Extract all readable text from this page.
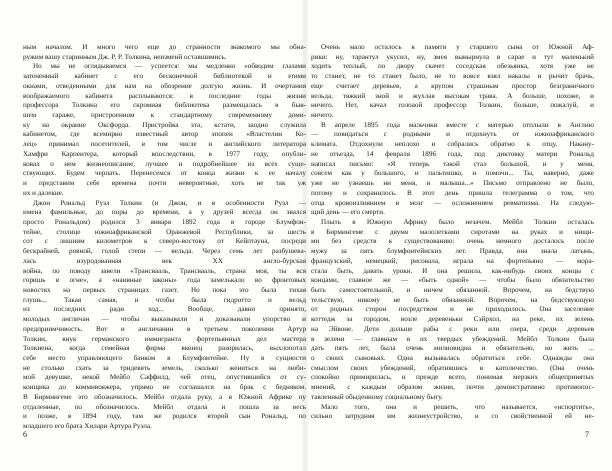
ным началом. И много чего еще до странности знакомого мы обна-
ружим вашу старинным Дж. Р. Р. Толкина, неизменй оставшимись.
Но мы не оглядываемся — успеется: мы медленно «обводим глазами
затененный кабинет с его бесконечной библиотекой и этими
окнами, отведенными для нам на обозрение долгую жизнь. И очертания
воображаемого кабинета расплываются: в последние годы жизни
профессора Толкина его скромная библиотека размещалась в быв-
шем гараже, пристроенном к стандартному современному доми-
ку на окраине Оксфорда. Пристройка эта, кстати, заодно служила
кабинетом, где всемирно известный автор эпопеи «Властелин Ко-
лец» принимал посетителей, в том числе и английского литератора
Хамфри Карпентера, который впоследствии, в 1977 году, опубли-
ковал о нем жизнеописание, лучшее и подробнейшее из всех суще-
ствующих. Будем черпать. Перенесемся от конца жизни к ее началу
и представим себе времена почти невероятные, хоть не так уж
их и далекие.
Джон Рональд Руэл Толкин (и Джон, и в особенности Руэл —
имена фамильные, до поры до времени, а у друзей всегда он звался
просто Рональдом) родился 3 января 1892 года в городе Блумфон-
тейне, столице южноафриканской Оранжевой Республики, за шесть
сот с лишним километров к северо-востоку от Кейптауна, посреди
бескрайней, ровной, голой степи — вельда. Через семь лет разбушева-
лась изуродованная век ХХ англо-бурская
война, по поводу завели «Трансвааль, Трансвааль, страна моя, ты вся
горишь в огне», а «наивные законы» года замелькало во фронтовых
новостях на первых страницах газет. Но пока это была тихая
глушь... Такая самая, и чтобы была гидротто и вельд
из последних ради ход... Вообще, давно принято,
молодых англичан — чтобы выказывали и доказывали упорство и
предприимчивость. Вот и англичанин в третьем поколении Артур
Толкин, внук германского иммигранта фортепьянных дел мастера
Толкиена, когда семейная фирма вконец разорилась, выхлопотал
себе место управляющего банком в Блумфонтейне. Ну в сущности
не столько схать за тридевять земель, сколько жениться на люби-
мой девушке, некой Мейбл Саффилд, чей отец, опустившийся от су-
конщика до коммивояжера, упрямо не соглашался на брак с бедняком.
В Бирмингеме это обозначилось. Мейбл отдала руку, а в Южной Африке пу
отдаленные, по обозначилось. Мейбл отдала и пошла за весь
и позже, в 1894 году, там же родился второй сын Рональд, по
младшего его брата Хилари Артура Руэла.
Очень мало осталось в памяти у старшего сына от Южной Аф-
рики: ну, тарантул укусил, ну, змея вынырнула в сарае и тут маленький
ходить теплый, по двору скачет соседская обезьянка, хотя уже не
то станет, не то станет было, не то вовсе взял накалы и рычит брачь,
еще считает деревьев, а крупом страшным простор безграничного
вельда, тяжкий зной и жухлая высокая трава. А больше, похоже, и
ничего. Нет, качал голоаой профессор Толкин, больше, пожалуй, и
ничего.
В апреле 1895 года мальчики вместе с матерью отплыли в Англию
— повидаться с родными и отдохнуть от южноафриканского
климата. Отдохнули неплохо и собрались обратно к отцу. Накану-
не отъезда, 14 февраля 1896 года, под диктовку матери Рональд
написал письмо: «Я теперь такой стал большой, и у меня,
совсем как у большого, и пальтишко, и помочи... Ты, наверно, даже
уже не узнаешь ни меня, и малыша...» Письмо отправлено не было,
потому и сохранилось. В этот день пришла телеграмма о том, что
отца кровоизлиянием в мозг — осложнением ревматизма. На следую-
щий день — его смерти.
Плыть в Южную Африку было незачем. Мейбл Толкин осталась
в Бирмингеме с двумя малолетками сиротами на руках и нищи-
ми без средств к существованию: очень немного досталось после
мужу за пять блумфонтейнских лет. Правда, она знала латынь,
французский, немецкий, рисовала, играла на фортепьяно — мора-
стала быть, давать уроки. И она решила, как-нибудь своих концы с
концами, главное же — «быть одной» — чтобы было обязательство
быть самостоятельной, и ничем обязанной. Впрочем, на бедствую
тельствую, никому не быть обязанной. Впрочем, на бедствующую
от родных сторон посредством и не приходилось. Она заселение
коттедж за городом, возле деревеньки Сэйрхол, на реке, их зелень
на Эйвоне. Дети дольше рабы с реки или озера, среди деревьев
в зелени — главным в их твердых убеждений. Мейбл Толкин была
дать пять лет, была очень милиовидна и обязательно, но жить ...
о своих сыновьях. Одна вызывалась обратиться себе. Однажды она
смыслом своих убеждений, обратившись в католичество. (Она очень
спокойно примирилась, и прежде всего, понимая мерзких общепринятых
мнений, с каждым образом жизни, почти демонстративно противопос-
тавленный обыденному социальному быту.
Мало того, она и решить, что называется, «испортить»,
сильно затрудняя им жизнеустройство, и со свойственной ей не-
6	7
